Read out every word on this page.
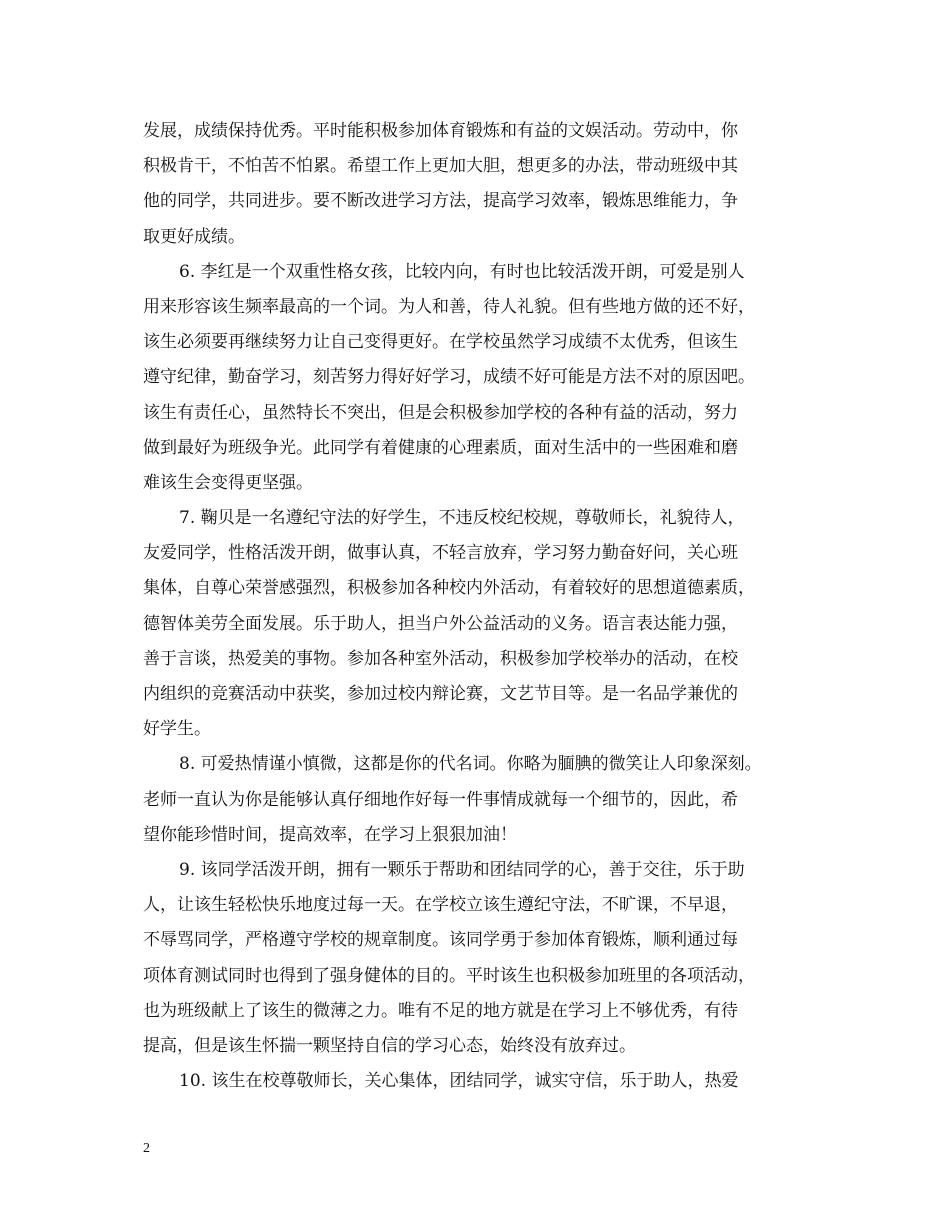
发展，成绩保持优秀。平时能积极参加体育锻炼和有益的文娱活动。劳动中，你
积极肯干，不怕苦不怕累。希望工作上更加大胆，想更多的办法，带动班级中其
他的同学，共同进步。要不断改进学习方法，提高学习效率，锻炼思维能力，争
取更好成绩。
6. 李红是一个双重性格女孩，比较内向，有时也比较活泼开朗，可爱是别人
用来形容该生频率最高的一个词。为人和善，待人礼貌。但有些地方做的还不好，
该生必须要再继续努力让自己变得更好。在学校虽然学习成绩不太优秀，但该生
遵守纪律，勤奋学习，刻苦努力得好好学习，成绩不好可能是方法不对的原因吧。
该生有责任心，虽然特长不突出，但是会积极参加学校的各种有益的活动，努力
做到最好为班级争光。此同学有着健康的心理素质，面对生活中的一些困难和磨
难该生会变得更坚强。
7. 鞠贝是一名遵纪守法的好学生，不违反校纪校规，尊敬师长，礼貌待人，
友爱同学，性格活泼开朗，做事认真，不轻言放弃，学习努力勤奋好问，关心班
集体，自尊心荣誉感强烈，积极参加各种校内外活动，有着较好的思想道德素质，
德智体美劳全面发展。乐于助人，担当户外公益活动的义务。语言表达能力强，
善于言谈，热爱美的事物。参加各种室外活动，积极参加学校举办的活动，在校
内组织的竞赛活动中获奖，参加过校内辩论赛，文艺节目等。是一名品学兼优的
好学生。
8. 可爱热情谨小慎微，这都是你的代名词。你略为腼腆的微笑让人印象深刻。
老师一直认为你是能够认真仔细地作好每一件事情成就每一个细节的，因此，希
望你能珍惜时间，提高效率，在学习上狠狠加油！
9. 该同学活泼开朗，拥有一颗乐于帮助和团结同学的心，善于交往，乐于助
人，让该生轻松快乐地度过每一天。在学校立该生遵纪守法，不旷课，不早退，
不辱骂同学，严格遵守学校的规章制度。该同学勇于参加体育锻炼，顺利通过每
项体育测试同时也得到了强身健体的目的。平时该生也积极参加班里的各项活动，
也为班级献上了该生的微薄之力。唯有不足的地方就是在学习上不够优秀，有待
提高，但是该生怀揣一颗坚持自信的学习心态，始终没有放弃过。
10. 该生在校尊敬师长，关心集体，团结同学，诚实守信，乐于助人，热爱
2
